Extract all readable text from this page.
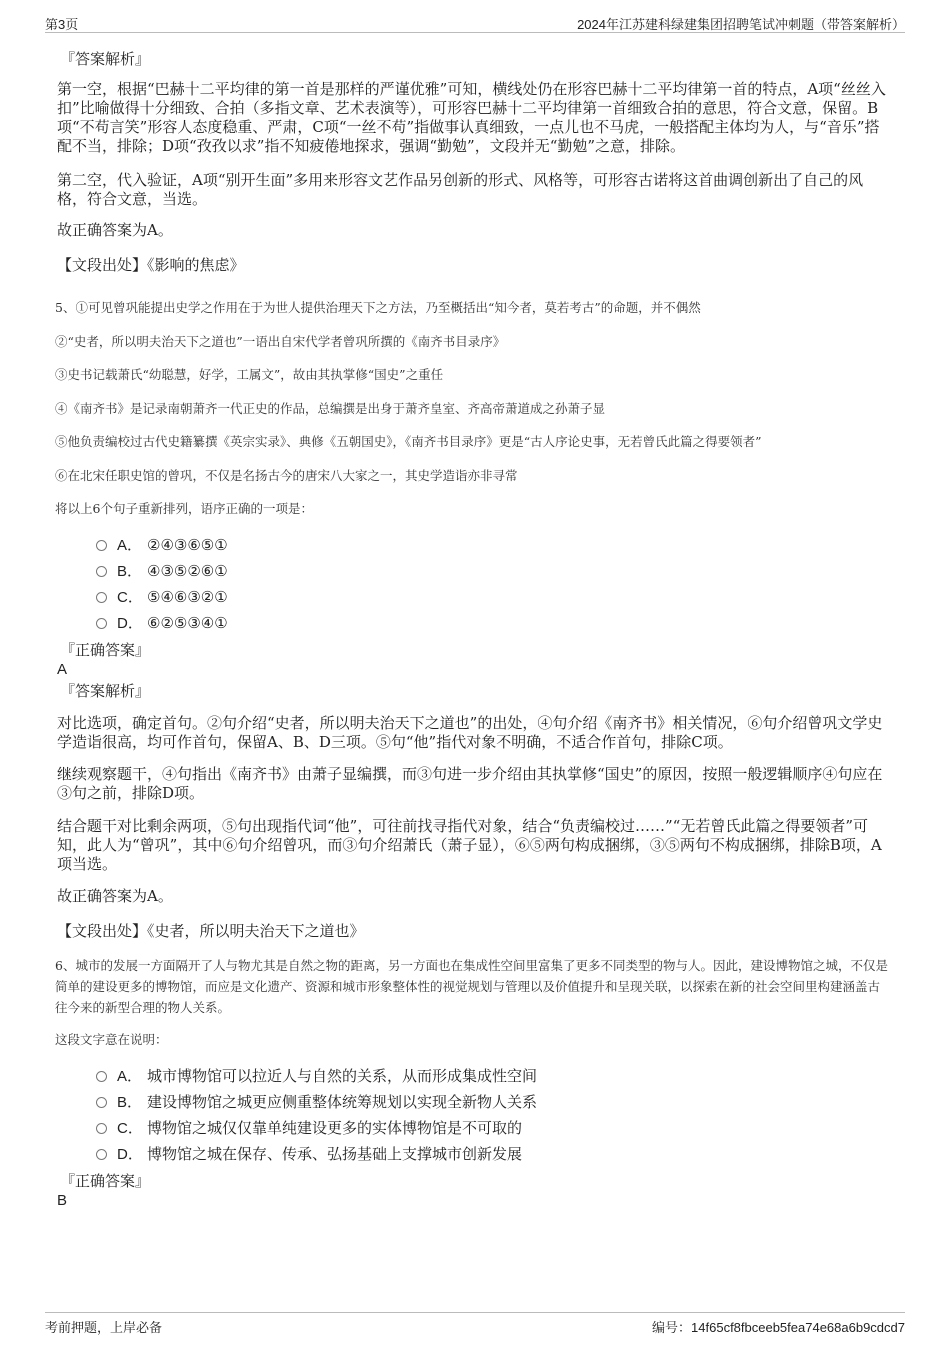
第3页	2024年江苏建科绿建集团招聘笔试冲刺题（带答案解析）
『答案解析』
第一空，根据“巴赫十二平均律的第一首是那样的严谨优雅”可知，横线处仍在形容巴赫十二平均律第一首的特点，A项“丝丝入扣”比喻做得十分细致、合拍（多指文章、艺术表演等），可形容巴赫十二平均律第一首细致合拍的意思，符合文意，保留。B项“不苟言笑”形容人态度稳重、严肃，C项“一丝不苟”指做事认真细致，一点儿也不马虎，一般搭配主体均为人，与“音乐”搭配不当，排除；D项“孜孜以求”指不知疲倦地探求，强调“勤勉”，文段并无“勤勉”之意，排除。
第二空，代入验证，A项“别开生面”多用来形容文艺作品另创新的形式、风格等，可形容古诺将这首曲调创新出了自己的风格，符合文意，当选。
故正确答案为A。
【文段出处】《影响的焦虑》
5、①可见曾巩能提出史学之作用在于为世人提供治理天下之方法，乃至概括出“知今者，莫若考古”的命题，并不偶然
②“史者，所以明夫治天下之道也”一语出自宋代学者曾巩所撰的《南齐书目录序》
③史书记载萧氏“幼聪慧，好学，工属文”，故由其执掌修“国史”之重任
④《南齐书》是记录南朝萧齐一代正史的作品，总编撰是出身于萧齐皇室、齐高帝萧道成之孙萧子显
⑤他负责编校过古代史籍纂撰《英宗实录》、典修《五朝国史》，《南齐书目录序》更是“古人序论史事，无若曾氏此篇之得要领者”
⑥在北宋任职史馆的曾巩，不仅是名扬古今的唐宋八大家之一，其史学造诣亦非寻常
将以上6个句子重新排列，语序正确的一项是：
A． ②④③⑥⑤①
B． ④③⑤②⑥①
C． ⑤④⑥③②①
D． ⑥②⑤③④①
『正确答案』
A
『答案解析』
对比选项，确定首句。②句介绍“史者，所以明夫治天下之道也”的出处，④句介绍《南齐书》相关情况，⑥句介绍曾巩文学史学造诣很高，均可作首句，保留A、B、D三项。⑤句“他”指代对象不明确，不适合作首句，排除C项。
继续观察题干，④句指出《南齐书》由萧子显编撰，而③句进一步介绍由其执掌修“国史”的原因，按照一般逻辑顺序④句应在③句之前，排除D项。
结合题干对比剩余两项，⑤句出现指代词“他”，可往前找寻指代对象，结合“负责编校过……”“无若曾氏此篇之得要领者”可知，此人为“曾巩”，其中⑥句介绍曾巩，而③句介绍萧氏（萧子显），⑥⑤两句构成捆绑，③⑤两句不构成捆绑，排除B项，A项当选。
故正确答案为A。
【文段出处】《史者，所以明夫治天下之道也》
6、城市的发展一方面隔开了人与物尤其是自然之物的距离，另一方面也在集成性空间里富集了更多不同类型的物与人。因此，建设博物馆之城，不仅是简单的建设更多的博物馆，而应是文化遗产、资源和城市形象整体性的视觉规划与管理以及价值提升和呈现关联，以探索在新的社会空间里构建涵盖古往今来的新型合理的物人关系。
这段文字意在说明：
A． 城市博物馆可以拉近人与自然的关系，从而形成集成性空间
B． 建设博物馆之城更应侧重整体统筹规划以实现全新物人关系
C． 博物馆之城仅仅靠单纯建设更多的实体博物馆是不可取的
D． 博物馆之城在保存、传承、弘扬基础上支撑城市创新发展
『正确答案』
B
考前押题，上岸必备	编号：14f65cf8fbceeb5fea74e68a6b9cdcd7
